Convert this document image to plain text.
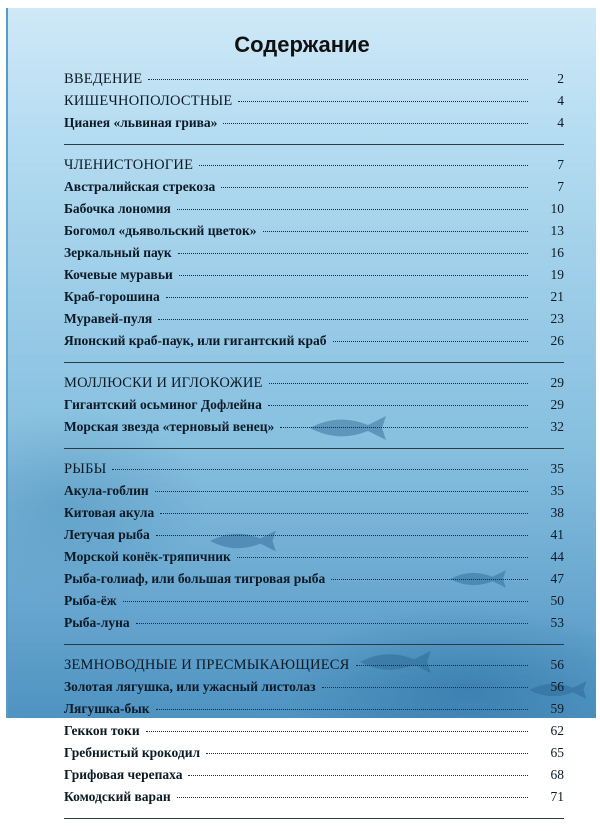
Содержание
ВВЕДЕНИЕ	2
КИШЕЧНОПОЛОСТНЫЕ	4
Цианея «львиная грива»	4
ЧЛЕНИСТОНОГИЕ	7
Австралийская стрекоза	7
Бабочка лономия	10
Богомол «дьявольский цветок»	13
Зеркальный паук	16
Кочевые муравьи	19
Краб-горошина	21
Муравей-пуля	23
Японский краб-паук, или гигантский краб	26
МОЛЛЮСКИ И ИГЛОКОЖИЕ	29
Гигантский осьминог Дофлейна	29
Морская звезда «терновый венец»	32
РЫБЫ	35
Акула-гоблин	35
Китовая акула	38
Летучая рыба	41
Морской конёк-тряпичник	44
Рыба-голиаф, или большая тигровая рыба	47
Рыба-ёж	50
Рыба-луна	53
ЗЕМНОВОДНЫЕ И ПРЕСМЫКАЮЩИЕСЯ	56
Золотая лягушка, или ужасный листолаз	56
Лягушка-бык	59
Геккон токи	62
Гребнистый крокодил	65
Грифовая черепаха	68
Комодский варан	71
